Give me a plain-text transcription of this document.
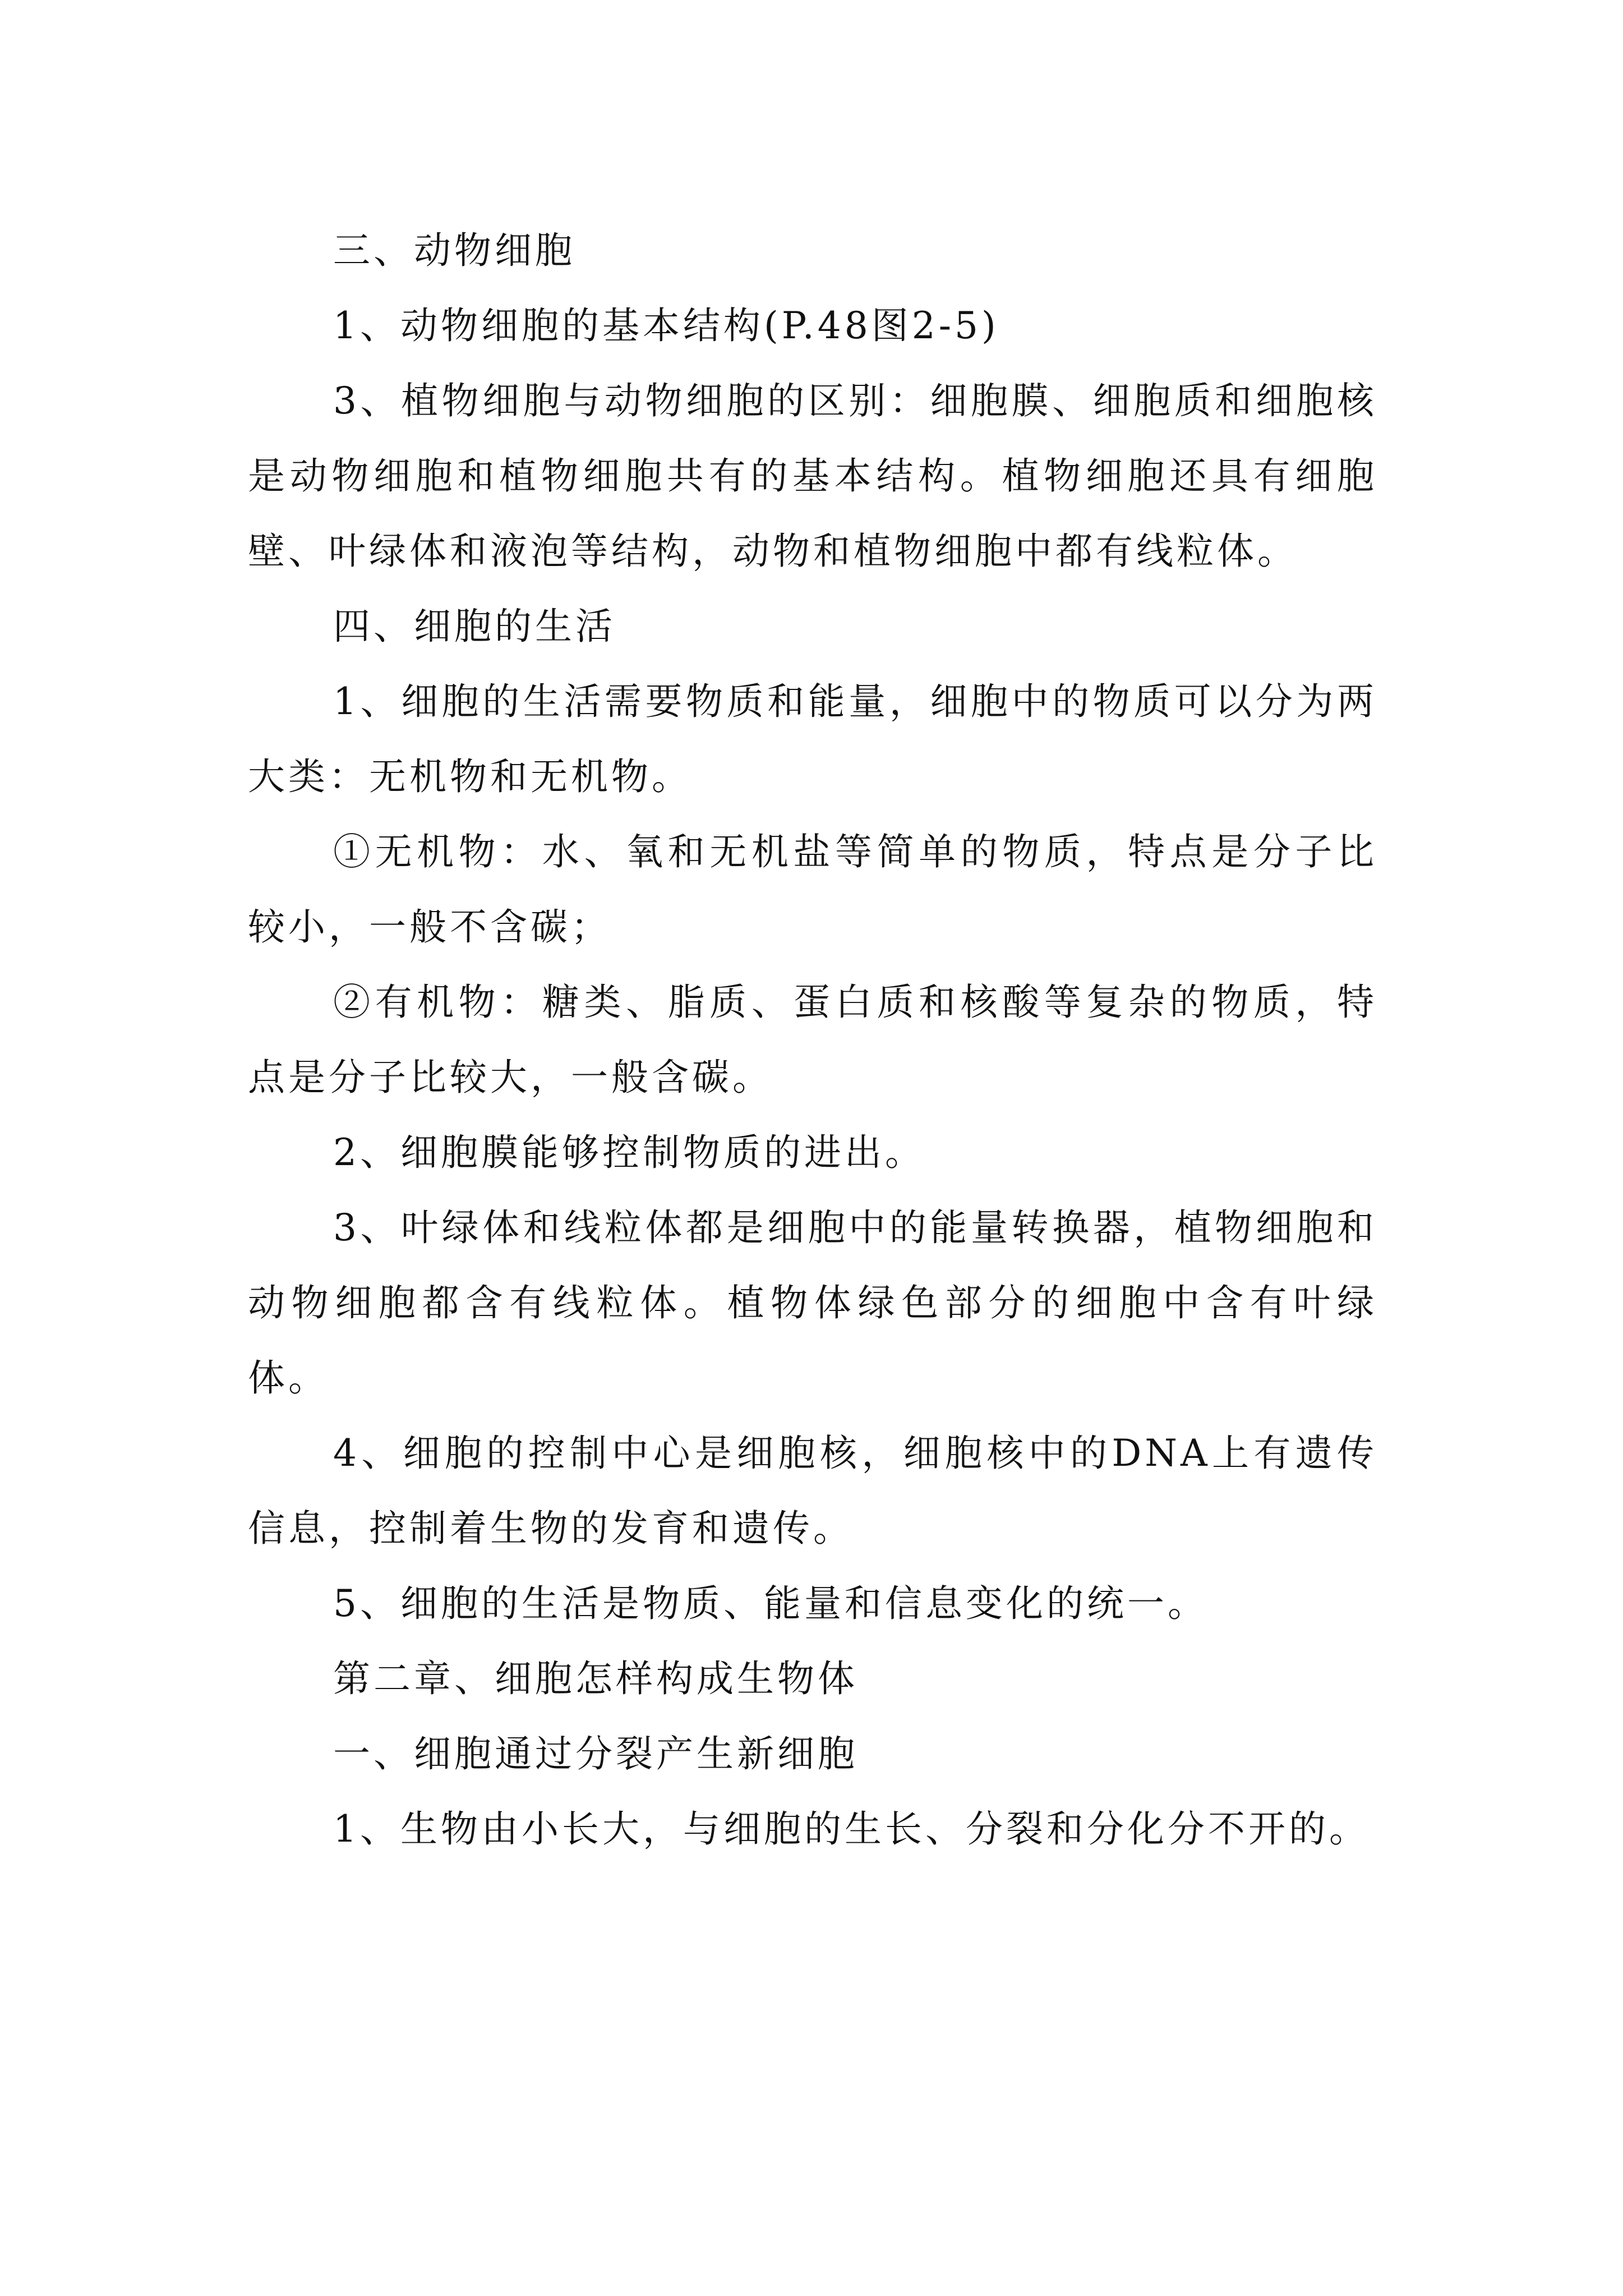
三、动物细胞

1、动物细胞的基本结构(P.48图2-5)

3、植物细胞与动物细胞的区别：细胞膜、细胞质和细胞核是动物细胞和植物细胞共有的基本结构。植物细胞还具有细胞壁、叶绿体和液泡等结构，动物和植物细胞中都有线粒体。

四、细胞的生活

1、细胞的生活需要物质和能量，细胞中的物质可以分为两大类：无机物和无机物。

①无机物：水、氧和无机盐等简单的物质，特点是分子比较小，一般不含碳；

②有机物：糖类、脂质、蛋白质和核酸等复杂的物质，特点是分子比较大，一般含碳。

2、细胞膜能够控制物质的进出。

3、叶绿体和线粒体都是细胞中的能量转换器，植物细胞和动物细胞都含有线粒体。植物体绿色部分的细胞中含有叶绿体。

4、细胞的控制中心是细胞核，细胞核中的DNA上有遗传信息，控制着生物的发育和遗传。

5、细胞的生活是物质、能量和信息变化的统一。

第二章、细胞怎样构成生物体

一、细胞通过分裂产生新细胞

1、生物由小长大，与细胞的生长、分裂和分化分不开的。
